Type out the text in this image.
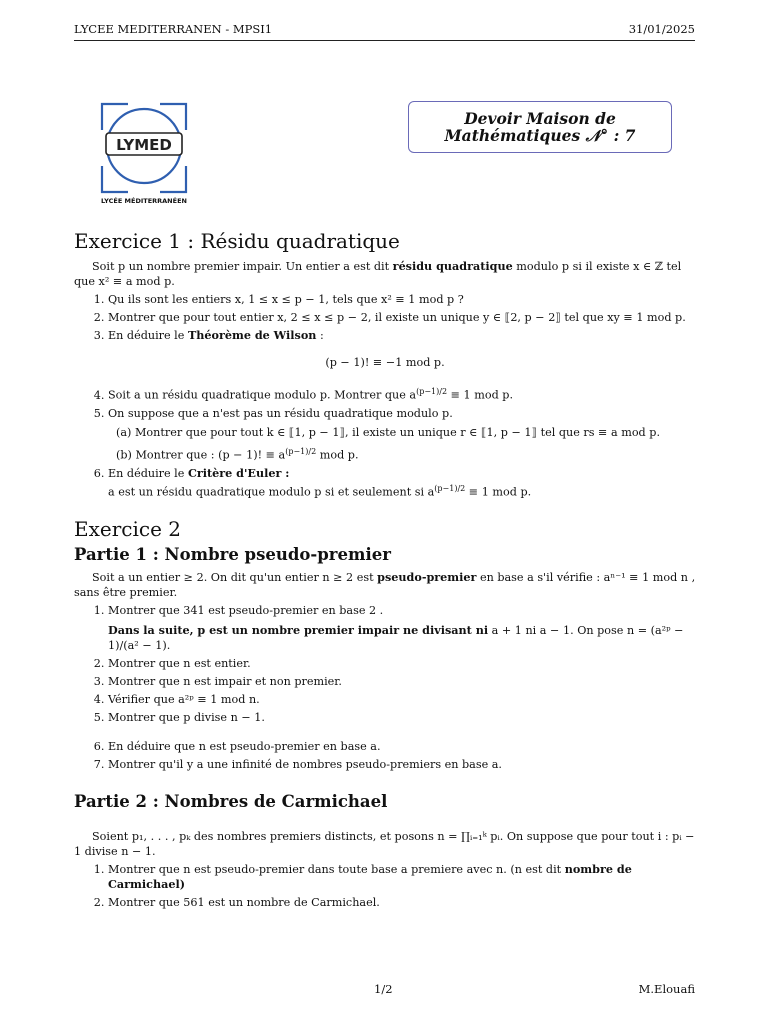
LYCEE MEDITERRANEN - MPSI1	31/01/2025
LYMED
LYCÉE MÉDITERRANÉEN
Devoir Maison de
Mathématiques 𝒩° : 7
Exercice 1 : Résidu quadratique

Soit p un nombre premier impair. Un entier a est dit résidu quadratique modulo p si il existe x ∈ ℤ tel que x² ≡ a mod p.

1. Qu ils sont les entiers x, 1 ≤ x ≤ p − 1, tels que x² ≡ 1 mod p ?
2. Montrer que pour tout entier x, 2 ≤ x ≤ p − 2, il existe un unique y ∈ ⟦2, p − 2⟧ tel que xy ≡ 1 mod p.
3. En déduire le Théorème de Wilson :
(p − 1)! ≡ −1 mod p.
4. Soit a un résidu quadratique modulo p. Montrer que $a^{(p-1)/2} \equiv 1$ mod p.
5. On suppose que a n'est pas un résidu quadratique modulo p.
(a) Montrer que pour tout k ∈ ⟦1, p − 1⟧, il existe un unique r ∈ ⟦1, p − 1⟧ tel que rs ≡ a mod p.
(b) Montrer que : (p − 1)! ≡ $a^{(p-1)/2}$ mod p.
6. En déduire le Critère d'Euler :
a est un résidu quadratique modulo p si et seulement si $a^{(p-1)/2} \equiv 1$ mod p.
Exercice 2
Partie 1 : Nombre pseudo-premier

Soit a un entier ≥ 2. On dit qu'un entier n ≥ 2 est pseudo-premier en base a s'il vérifie : aⁿ⁻¹ ≡ 1 mod n , sans être premier.

1. Montrer que 341 est pseudo-premier en base 2 .
Dans la suite, p est un nombre premier impair ne divisant ni a + 1 ni a − 1. On pose n = (a²ᵖ − 1)/(a² − 1).
2. Montrer que n est entier.
3. Montrer que n est impair et non premier.
4. Vérifier que a²ᵖ ≡ 1 mod n.
5. Montrer que p divise n − 1.
6. En déduire que n est pseudo-premier en base a.
7. Montrer qu'il y a une infinité de nombres pseudo-premiers en base a.
Partie 2 : Nombres de Carmichael

Soient p₁, . . . , pₖ des nombres premiers distincts, et posons n = ∏ᵢ₌₁ᵏ pᵢ. On suppose que pour tout i : pᵢ − 1 divise n − 1.

1. Montrer que n est pseudo-premier dans toute base a premiere avec n. (n est dit nombre de Carmichael)
2. Montrer que 561 est un nombre de Carmichael.
1/2	M.Elouafi
